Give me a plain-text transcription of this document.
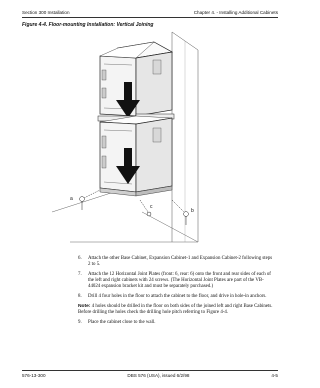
Section 300 Installation	Chapter 4. - Installing Additional Cabinets
Figure 4-4. Floor-mounting Installation: Vertical Joining
a
b
c
6.	Attach the other Base Cabinet, Expansion Cabinet-1 and Expansion Cabinet-2 following steps 2 to 5.
7.	Attach the 12 Horizontal Joint Plates (front: 6, rear: 6) onto the front and rear sides of each of the left and right cabinets with 24 screws. (The Horizontal Joint Plates are part of the VB-44024 expansion bracket kit and must be separately purchased.)
8.	Drill 4 four holes in the floor to attach the cabinet to the floor, and drive in hole-in anchors.
Note: 4 holes should be drilled in the floor on both sides of the joined left and right Base Cabinets. Before drilling the holes check the drilling hole pitch referring to Figure 4-4.
9.	Place the cabinet close to the wall.
576-13-300	DBS 576 (USA), issued 6/2/98	4-5
